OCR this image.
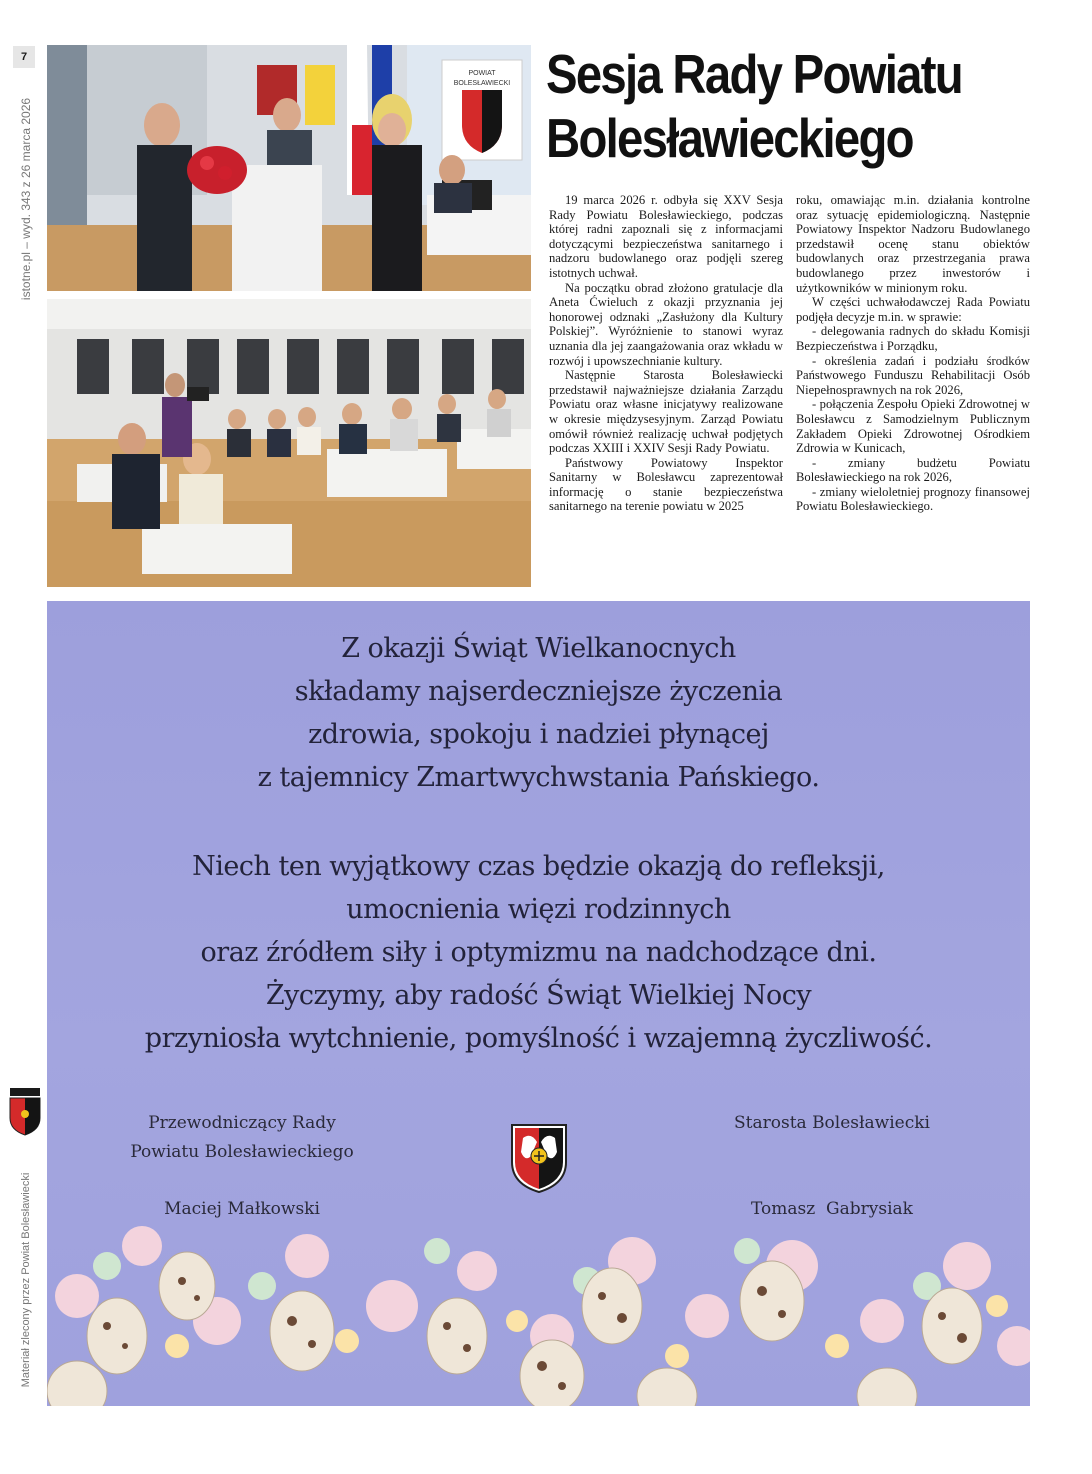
7
istotne.pl – wyd. 343 z 26 marca 2026
Materiał zlecony przez Powiat Bolesławiecki
POWIAT
BOLESŁAWIECKI Sesja Rady Powiatu
Bolesławieckiego

19 marca 2026 r. odbyła się XXV Sesja Rady Powiatu Bolesławieckiego, podczas której radni zapoznali się z informacjami dotyczącymi bezpieczeństwa sanitarnego i nadzoru budowlanego oraz podjęli szereg istotnych uchwał.

Na początku obrad złożono gratulacje dla Aneta Ćwieluch z okazji przyznania jej honorowej odznaki „Zasłużony dla Kultury Polskiej”. Wyróżnienie to stanowi wyraz uznania dla jej zaangażowania oraz wkładu w rozwój i upowszechnianie kultury.

Następnie Starosta Bolesławiecki przedstawił najważniejsze działania Zarządu Powiatu oraz własne inicjatywy realizowane w okresie międzysesyjnym. Zarząd Powiatu omówił również realizację uchwał podjętych podczas XXIII i XXIV Sesji Rady Powiatu.

Państwowy Powiatowy Inspektor Sanitarny w Bolesławcu zaprezentował informację o stanie bezpieczeństwa sanitarnego na terenie powiatu w 2025

roku, omawiając m.in. działania kontrolne oraz sytuację epidemiologiczną. Następnie Powiatowy Inspektor Nadzoru Budowlanego przedstawił ocenę stanu obiektów budowlanych oraz przestrzegania prawa budowlanego przez inwestorów i użytkowników w minionym roku.

W części uchwałodawczej Rada Powiatu podjęła decyzje m.in. w sprawie:

- delegowania radnych do składu Komisji Bezpieczeństwa i Porządku,

- określenia zadań i podziału środków Państwowego Funduszu Rehabilitacji Osób Niepełnosprawnych na rok 2026,

- połączenia Zespołu Opieki Zdrowotnej w Bolesławcu z Samodzielnym Publicznym Zakładem Opieki Zdrowotnej Ośrodkiem Zdrowia w Kunicach,

- zmiany budżetu Powiatu Bolesławieckiego na rok 2026,

- zmiany wieloletniej prognozy finansowej Powiatu Bolesławieckiego.

Z okazji Świąt Wielkanocnych
składamy najserdeczniejsze życzenia
zdrowia, spokoju i nadziei płynącej
z tajemnicy Zmartwychwstania Pańskiego.
Niech ten wyjątkowy czas będzie okazją do refleksji,
umocnienia więzi rodzinnych
oraz źródłem siły i optymizmu na nadchodzące dni.
Życzymy, aby radość Świąt Wielkiej Nocy
przyniosła wytchnienie, pomyślność i wzajemną życzliwość.
Przewodniczący Rady
Powiatu Bolesławieckiego
Maciej Małkowski
Starosta Bolesławiecki
Tomasz  Gabrysiak
